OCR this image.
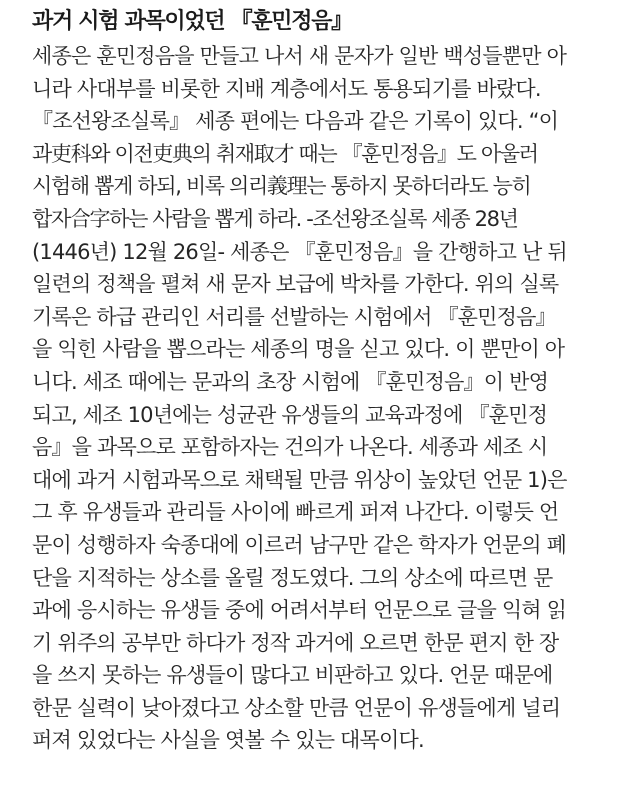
과거 시험 과목이었던 『훈민정음』
세종은 훈민정음을 만들고 나서 새 문자가 일반 백성들뿐만 아
니라 사대부를 비롯한 지배 계층에서도 통용되기를 바랐다.
『조선왕조실록』 세종 편에는 다음과 같은 기록이 있다. “이
과吏科와 이전吏典의 취재取才 때는 『훈민정음』도 아울러
시험해 뽑게 하되, 비록 의리義理는 통하지 못하더라도 능히
합자合字하는 사람을 뽑게 하라. -조선왕조실록 세종 28년
(1446년) 12월 26일- 세종은 『훈민정음』을 간행하고 난 뒤
일련의 정책을 펼쳐 새 문자 보급에 박차를 가한다. 위의 실록
기록은 하급 관리인 서리를 선발하는 시험에서 『훈민정음』
을 익힌 사람을 뽑으라는 세종의 명을 싣고 있다. 이 뿐만이 아
니다. 세조 때에는 문과의 초장 시험에 『훈민정음』이 반영
되고, 세조 10년에는 성균관 유생들의 교육과정에 『훈민정
음』을 과목으로 포함하자는 건의가 나온다. 세종과 세조 시
대에 과거 시험과목으로 채택될 만큼 위상이 높았던 언문 1)은
그 후 유생들과 관리들 사이에 빠르게 퍼져 나간다. 이렇듯 언
문이 성행하자 숙종대에 이르러 남구만 같은 학자가 언문의 폐
단을 지적하는 상소를 올릴 정도였다. 그의 상소에 따르면 문
과에 응시하는 유생들 중에 어려서부터 언문으로 글을 익혀 읽
기 위주의 공부만 하다가 정작 과거에 오르면 한문 편지 한 장
을 쓰지 못하는 유생들이 많다고 비판하고 있다. 언문 때문에
한문 실력이 낮아졌다고 상소할 만큼 언문이 유생들에게 널리
퍼져 있었다는 사실을 엿볼 수 있는 대목이다.
